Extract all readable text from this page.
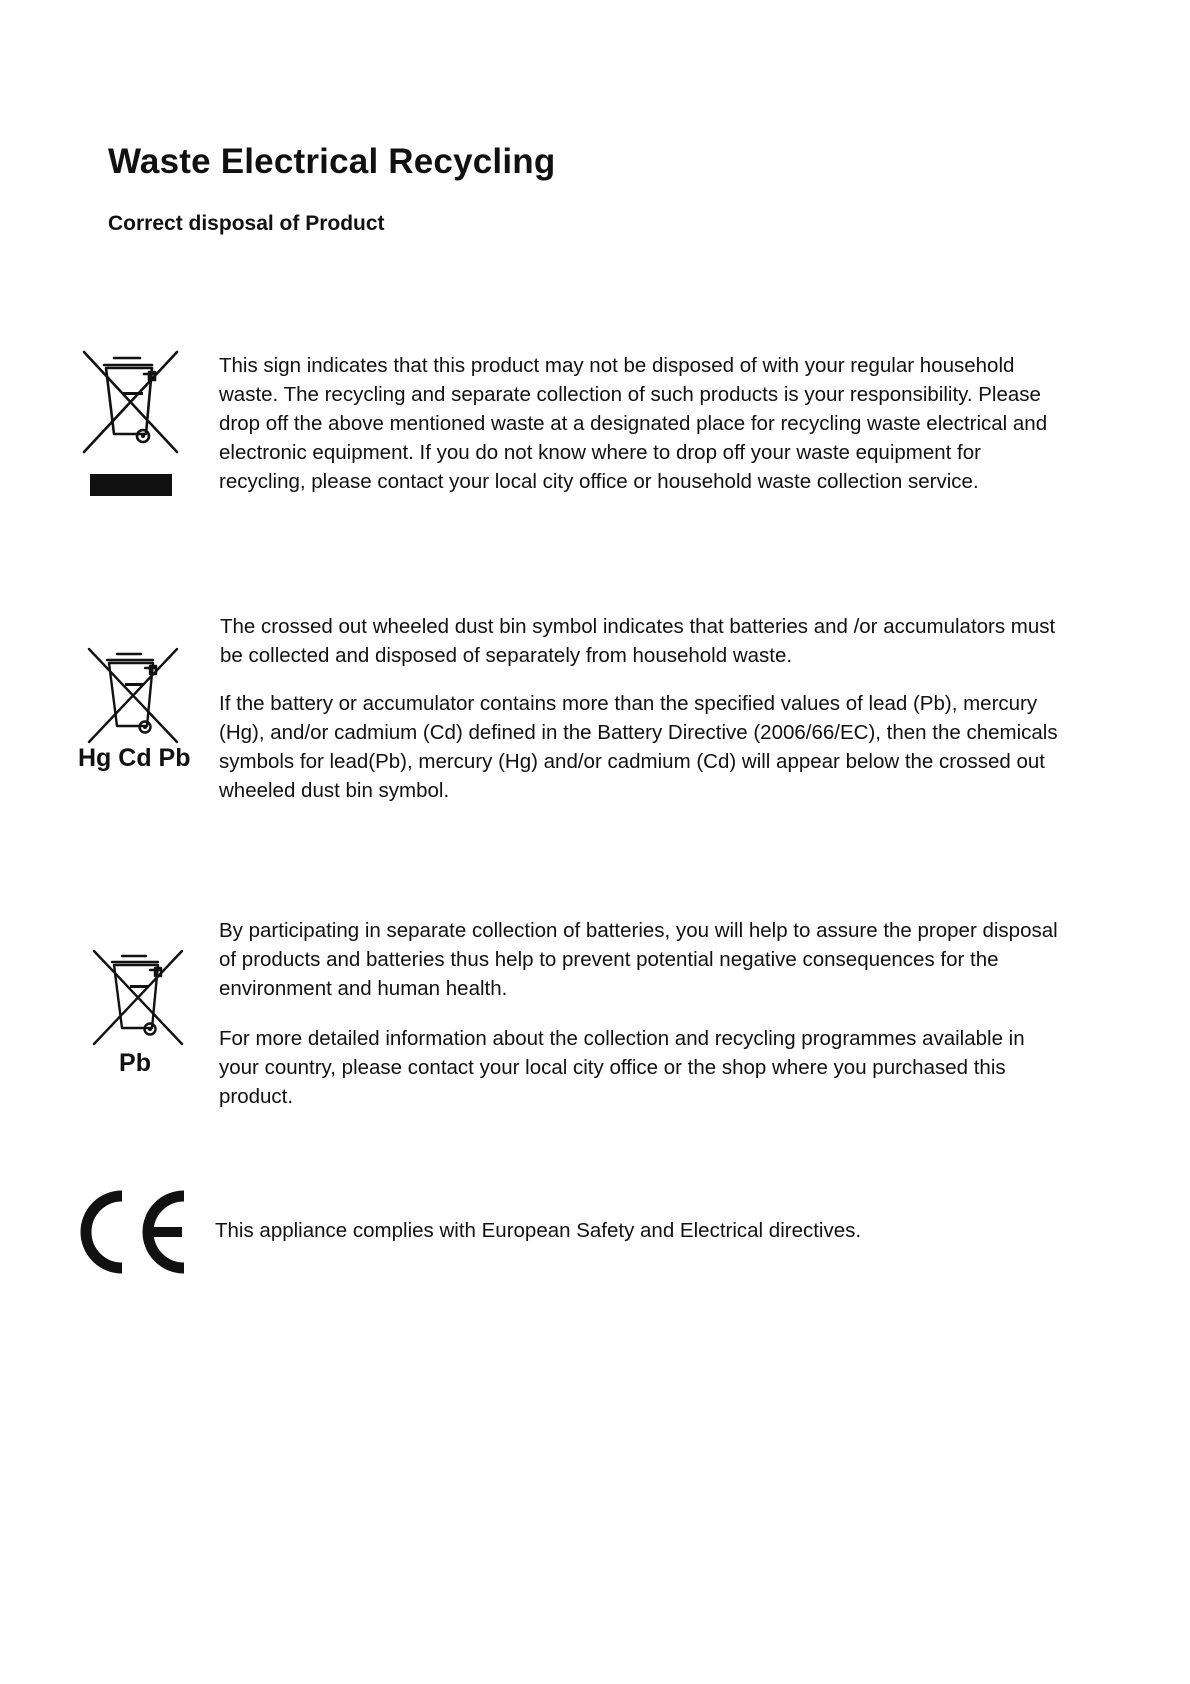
Waste Electrical Recycling
Correct disposal of Product
This sign indicates that this product may not be disposed of with your regular household
waste. The recycling and separate collection of such products is your responsibility. Please
drop off the above mentioned waste at a designated place for recycling waste electrical and
electronic equipment. If you do not know where to drop off your waste equipment for
recycling, please contact your local city office or household waste collection service.
Hg Cd Pb
The crossed out wheeled dust bin symbol indicates that batteries and /or accumulators must
be collected and disposed of separately from household waste.
If the battery or accumulator contains more than the specified values of lead (Pb), mercury
(Hg), and/or cadmium (Cd) defined in the Battery Directive (2006/66/EC), then the chemicals
symbols for lead(Pb), mercury (Hg) and/or cadmium (Cd) will appear below the crossed out
wheeled dust bin symbol.
Pb
By participating in separate collection of batteries, you will help to assure the proper disposal
of products and batteries thus help to prevent potential negative consequences for the
environment and human health.
For more detailed information about the collection and recycling programmes available in
your country, please contact your local city office or the shop where you purchased this
product.
This appliance complies with European Safety and Electrical directives.
